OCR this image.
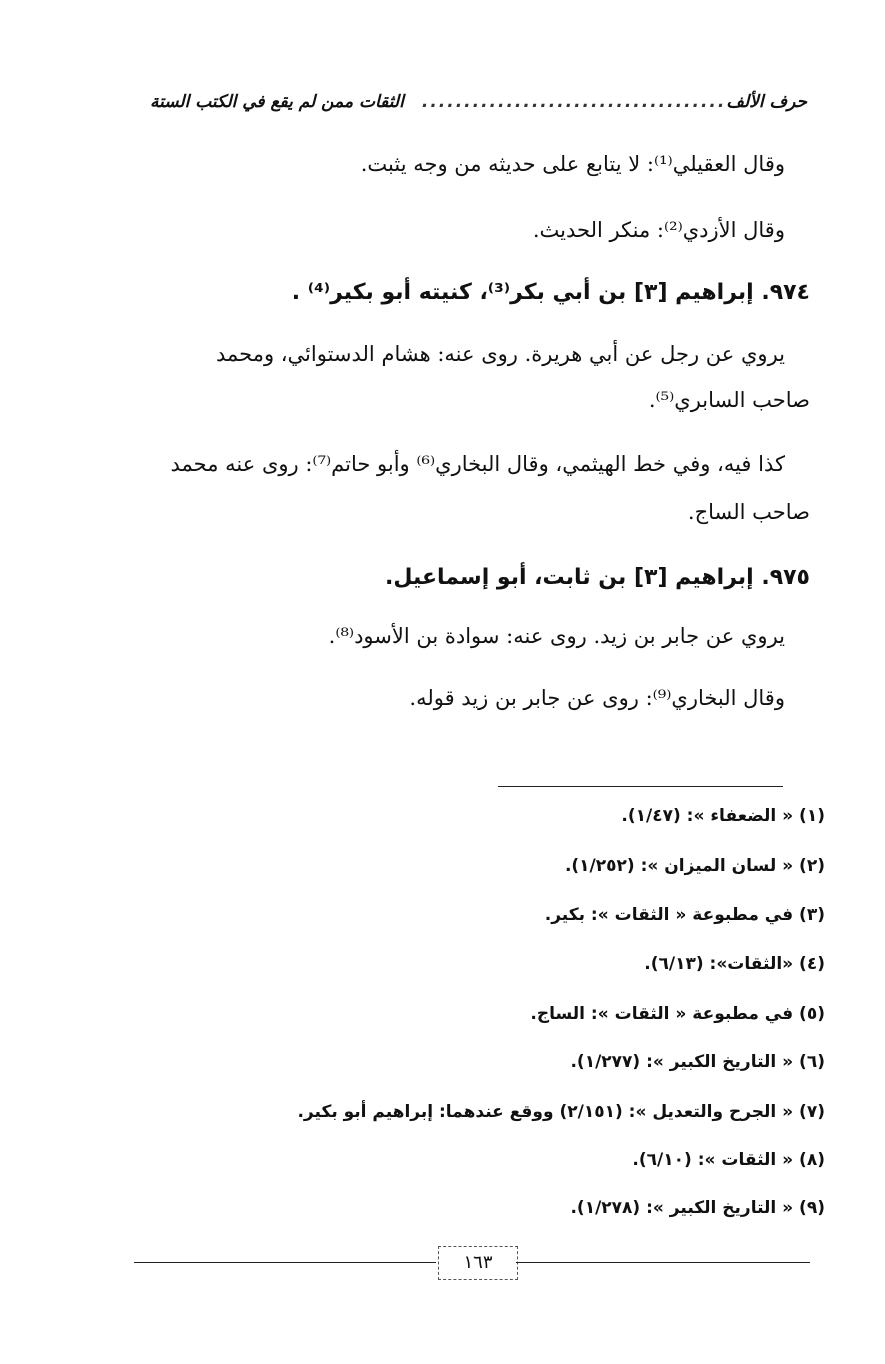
حرف الألف
....................................
الثقات ممن لم يقع في الكتب الستة
وقال العقيلي⁽¹⁾: لا يتابع على حديثه من وجه يثبت.
وقال الأزدي⁽²⁾: منكر الحديث.
٩٧٤. إبراهيم [٣] بن أبي بكر⁽³⁾، كنيته أبو بكير⁽⁴⁾ .
يروي عن رجل عن أبي هريرة. روى عنه: هشام الدستوائي، ومحمد
صاحب السابري⁽⁵⁾.
كذا فيه، وفي خط الهيثمي، وقال البخاري⁽⁶⁾ وأبو حاتم⁽⁷⁾: روى عنه محمد
صاحب الساج.
٩٧٥. إبراهيم [٣] بن ثابت، أبو إسماعيل.
يروي عن جابر بن زيد. روى عنه: سوادة بن الأسود⁽⁸⁾.
وقال البخاري⁽⁹⁾: روى عن جابر بن زيد قوله.
(١) « الضعفاء »: (١/٤٧).
(٢) « لسان الميزان »: (١/٢٥٢).
(٣) في مطبوعة « الثقات »: بكير.
(٤) «الثقات»: (٦/١٣).
(٥) في مطبوعة « الثقات »: الساج.
(٦) « التاريخ الكبير »: (١/٢٧٧).
(٧) « الجرح والتعديل »: (٢/١٥١) ووقع عندهما: إبراهيم أبو بكير.
(٨) « الثقات »: (٦/١٠).
(٩) « التاريخ الكبير »: (١/٢٧٨).
١٦٣
